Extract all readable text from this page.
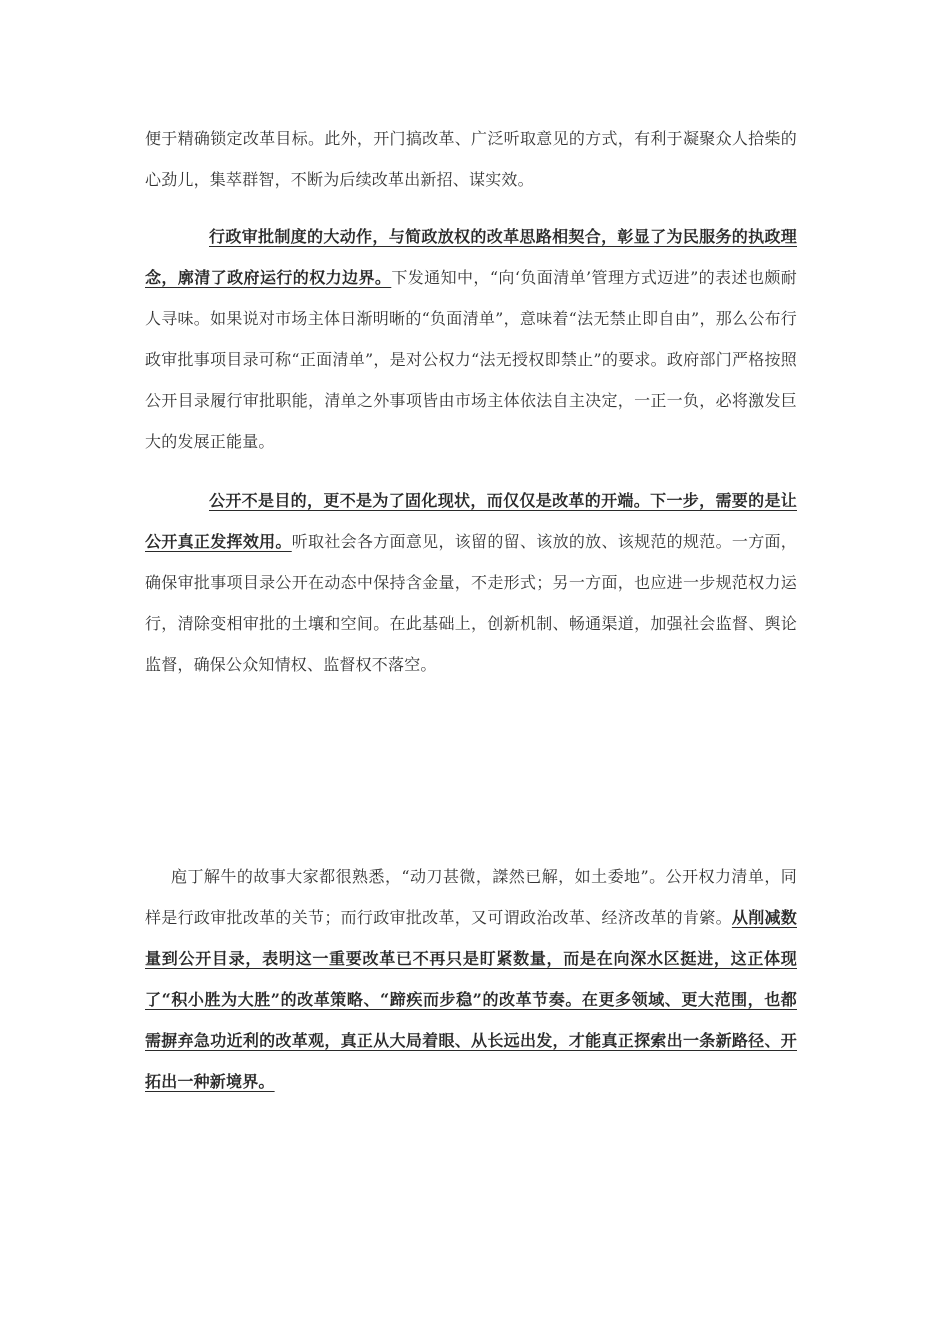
便于精确锁定改革目标。此外，开门搞改革、广泛听取意见的方式，有利于凝聚众人拾柴的心劲儿，集萃群智，不断为后续改革出新招、谋实效。

行政审批制度的大动作，与简政放权的改革思路相契合，彰显了为民服务的执政理念，廓清了政府运行的权力边界。下发通知中，“向‘负面清单’管理方式迈进”的表述也颇耐人寻味。如果说对市场主体日渐明晰的“负面清单”，意味着“法无禁止即自由”，那么公布行政审批事项目录可称“正面清单”，是对公权力“法无授权即禁止”的要求。政府部门严格按照公开目录履行审批职能，清单之外事项皆由市场主体依法自主决定，一正一负，必将激发巨大的发展正能量。

公开不是目的，更不是为了固化现状，而仅仅是改革的开端。下一步，需要的是让公开真正发挥效用。听取社会各方面意见，该留的留、该放的放、该规范的规范。一方面，确保审批事项目录公开在动态中保持含金量，不走形式；另一方面，也应进一步规范权力运行，清除变相审批的土壤和空间。在此基础上，创新机制、畅通渠道，加强社会监督、舆论监督，确保公众知情权、监督权不落空。

庖丁解牛的故事大家都很熟悉，“动刀甚微，謋然已解，如土委地”。公开权力清单，同样是行政审批改革的关节；而行政审批改革，又可谓政治改革、经济改革的肯綮。从削减数量到公开目录，表明这一重要改革已不再只是盯紧数量，而是在向深水区挺进，这正体现了“积小胜为大胜”的改革策略、“蹄疾而步稳”的改革节奏。在更多领域、更大范围，也都需摒弃急功近利的改革观，真正从大局着眼、从长远出发，才能真正探索出一条新路径、开拓出一种新境界。
